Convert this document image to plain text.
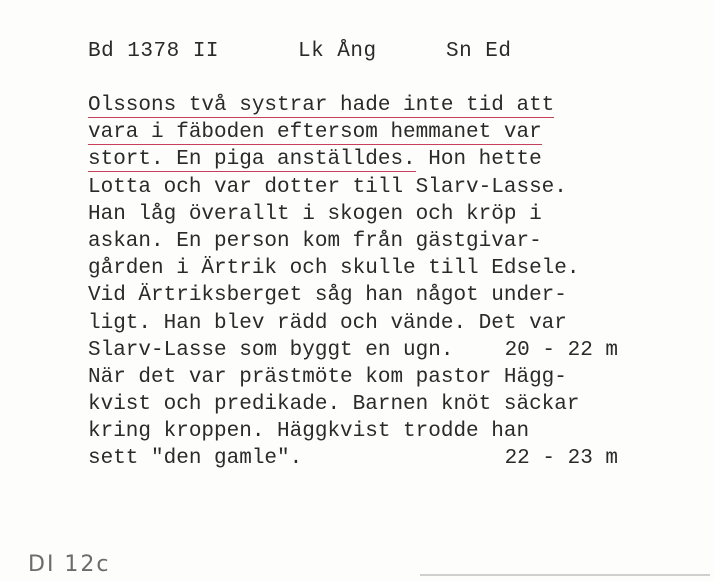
Bd 1378 II	Lk Ång	Sn Ed
Olssons två systrar hade inte tid att
vara i fäboden eftersom hemmanet var
stort. En piga anställdes. Hon hette
Lotta och var dotter till Slarv-Lasse.
Han låg överallt i skogen och kröp i
askan. En person kom från gästgivar-
gården i Ärtrik och skulle till Edsele.
Vid Ärtriksberget såg han något under-
ligt. Han blev rädd och vände. Det var
Slarv-Lasse som byggt en ugn. 20 - 22 m
När det var prästmöte kom pastor Hägg-
kvist och predikade. Barnen knöt säckar
kring kroppen. Häggkvist trodde han
sett "den gamle".	22 - 23 m
DI 12c
